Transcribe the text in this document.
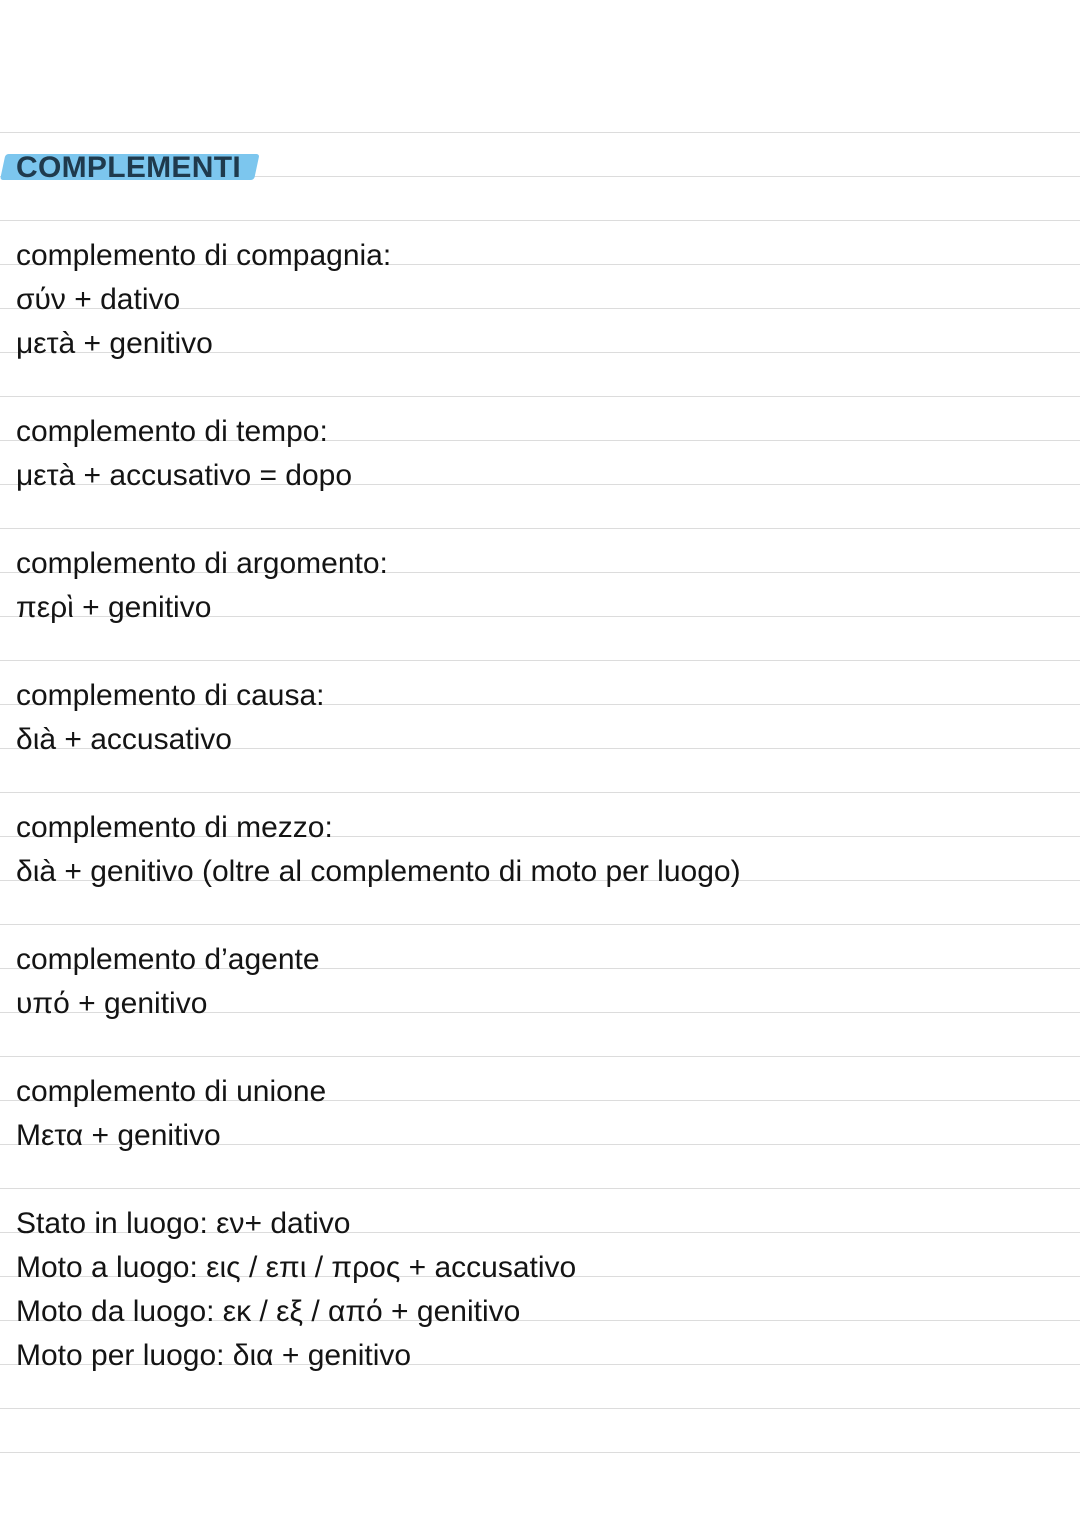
COMPLEMENTI
complemento di compagnia:
σύν + dativo
μετà + genitivo
complemento di tempo:
μετà + accusativo = dopo
complemento di argomento:
περὶ + genitivo
complemento di causa:
διà + accusativo
complemento di mezzo:
διà + genitivo (oltre al complemento di moto per luogo)
complemento d’agente
υπό + genitivo
complemento di unione
Μετα + genitivo
Stato in luogo: εν+ dativo
Moto a luogo: εις / επι / προς + accusativo
Moto da luogo: εκ / εξ / από + genitivo
Moto per luogo: δια + genitivo
